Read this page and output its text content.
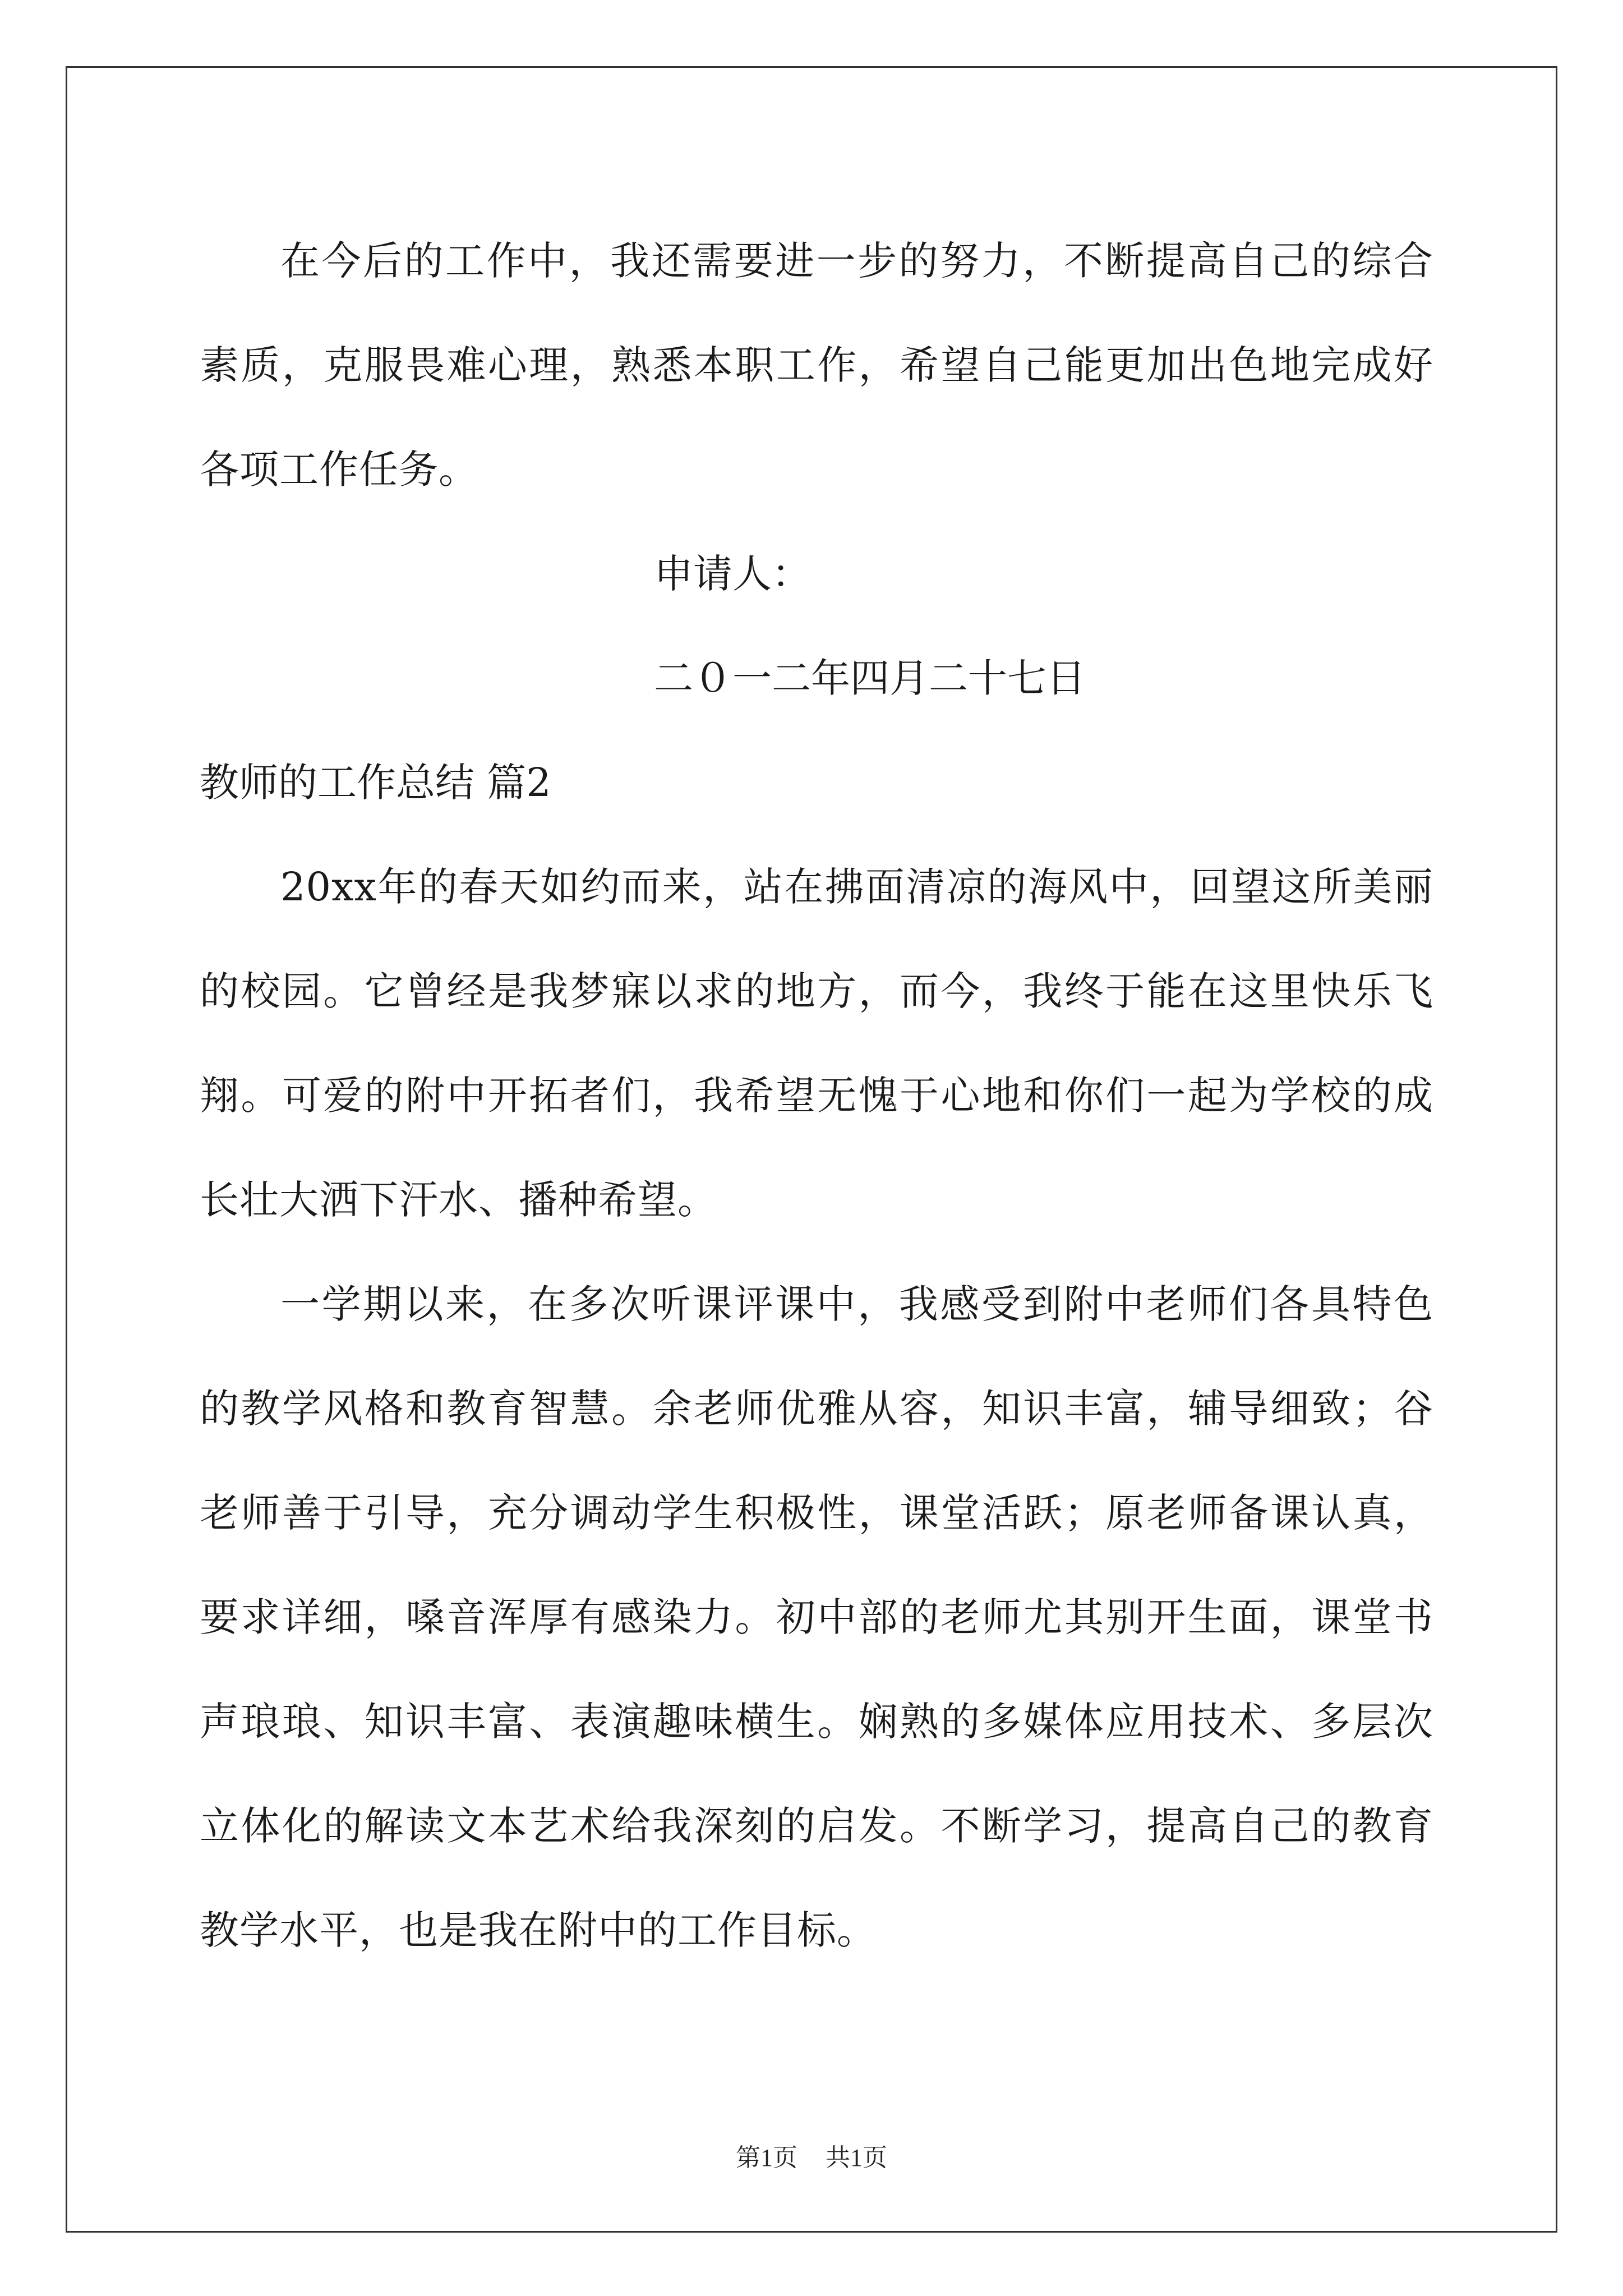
在今后的工作中，我还需要进一步的努力，不断提高自己的综合素质，克服畏难心理，熟悉本职工作，希望自己能更加出色地完成好各项工作任务。

申请人：

二０一二年四月二十七日

教师的工作总结 篇2

20xx年的春天如约而来，站在拂面清凉的海风中，回望这所美丽的校园。它曾经是我梦寐以求的地方，而今，我终于能在这里快乐飞翔。可爱的附中开拓者们，我希望无愧于心地和你们一起为学校的成长壮大洒下汗水、播种希望。

一学期以来，在多次听课评课中，我感受到附中老师们各具特色的教学风格和教育智慧。余老师优雅从容，知识丰富，辅导细致；谷老师善于引导，充分调动学生积极性，课堂活跃；原老师备课认真，要求详细，嗓音浑厚有感染力。初中部的老师尤其别开生面，课堂书声琅琅、知识丰富、表演趣味横生。娴熟的多媒体应用技术、多层次立体化的解读文本艺术给我深刻的启发。不断学习，提高自己的教育教学水平，也是我在附中的工作目标。

第1页 共1页
